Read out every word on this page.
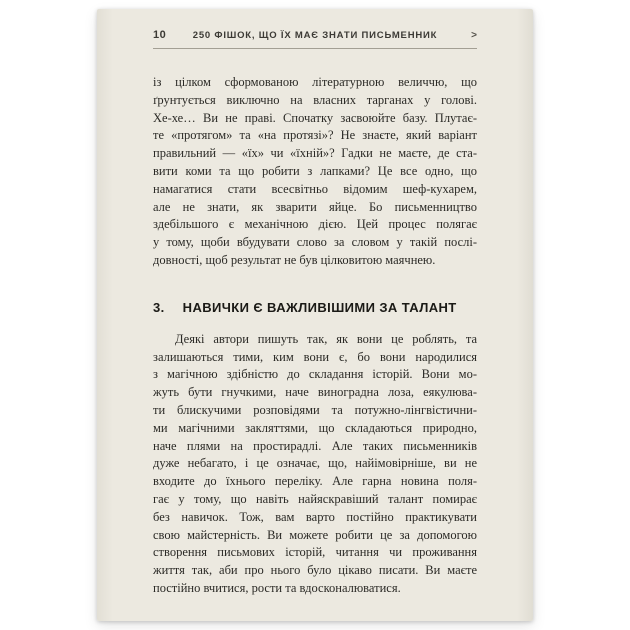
10	250 ФІШОК, ЩО ЇХ МАЄ ЗНАТИ ПИСЬМЕННИК	>
із цілком сформованою літературною величчю, що
ґрунтується виключно на власних тарганах у голові.
Хе-хе… Ви не праві. Спочатку засвоюйте базу. Плутає-
те «протягом» та «на протязі»? Не знаєте, який варіант
правильний — «їх» чи «їхній»? Гадки не маєте, де ста-
вити коми та що робити з лапками? Це все одно, що
намагатися стати всесвітньо відомим шеф-кухарем,
але не знати, як зварити яйце. Бо письменництво
здебільшого є механічною дією. Цей процес полягає
у тому, щоби вбудувати слово за словом у такій послі-
довності, щоб результат не був цілковитою маячнею.
3. НАВИЧКИ Є ВАЖЛИВІШИМИ ЗА ТАЛАНТ
Деякі автори пишуть так, як вони це роблять, та
залишаються тими, ким вони є, бо вони народилися
з магічною здібністю до складання історій. Вони мо-
жуть бути гнучкими, наче виноградна лоза, еякулюва-
ти блискучими розповідями та потужно-лінгвістични-
ми магічними закляттями, що складаються природно,
наче плями на простирадлі. Але таких письменників
дуже небагато, і це означає, що, найімовірніше, ви не
входите до їхнього переліку. Але гарна новина поля-
гає у тому, що навіть найяскравіший талант помирає
без навичок. Тож, вам варто постійно практикувати
свою майстерність. Ви можете робити це за допомогою
створення письмових історій, читання чи проживання
життя так, аби про нього було цікаво писати. Ви маєте
постійно вчитися, рости та вдосконалюватися.
